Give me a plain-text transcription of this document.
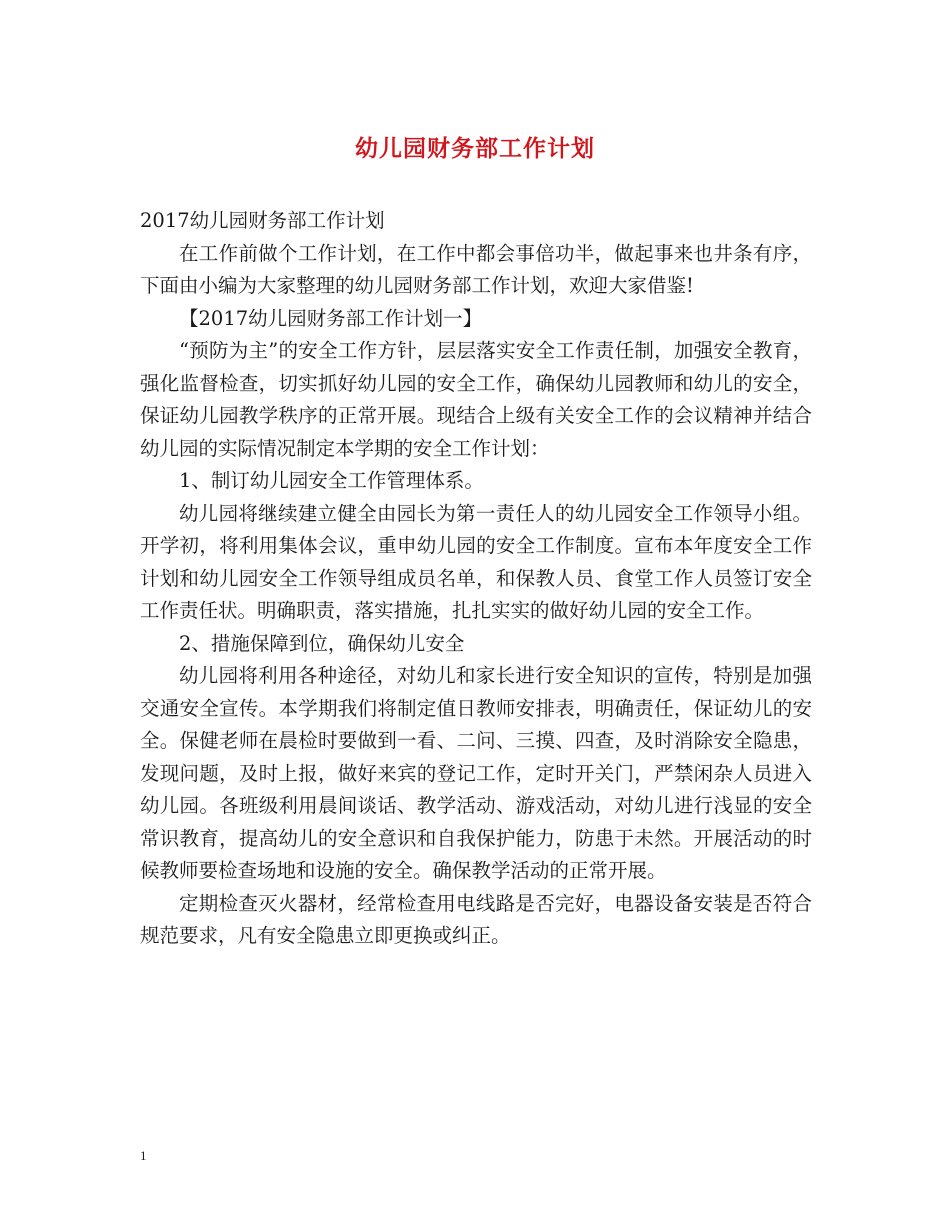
幼儿园财务部工作计划

2017幼儿园财务部工作计划

在工作前做个工作计划，在工作中都会事倍功半，做起事来也井条有序，下面由小编为大家整理的幼儿园财务部工作计划，欢迎大家借鉴!

【2017幼儿园财务部工作计划一】

“预防为主”的安全工作方针，层层落实安全工作责任制，加强安全教育，强化监督检查，切实抓好幼儿园的安全工作，确保幼儿园教师和幼儿的安全，保证幼儿园教学秩序的正常开展。现结合上级有关安全工作的会议精神并结合幼儿园的实际情况制定本学期的安全工作计划：

1、制订幼儿园安全工作管理体系。

幼儿园将继续建立健全由园长为第一责任人的幼儿园安全工作领导小组。开学初，将利用集体会议，重申幼儿园的安全工作制度。宣布本年度安全工作计划和幼儿园安全工作领导组成员名单，和保教人员、食堂工作人员签订安全工作责任状。明确职责，落实措施，扎扎实实的做好幼儿园的安全工作。

2、措施保障到位，确保幼儿安全

幼儿园将利用各种途径，对幼儿和家长进行安全知识的宣传，特别是加强交通安全宣传。本学期我们将制定值日教师安排表，明确责任，保证幼儿的安全。保健老师在晨检时要做到一看、二问、三摸、四查，及时消除安全隐患，发现问题，及时上报，做好来宾的登记工作，定时开关门，严禁闲杂人员进入幼儿园。各班级利用晨间谈话、教学活动、游戏活动，对幼儿进行浅显的安全常识教育，提高幼儿的安全意识和自我保护能力，防患于未然。开展活动的时候教师要检查场地和设施的安全。确保教学活动的正常开展。

定期检查灭火器材，经常检查用电线路是否完好，电器设备安装是否符合规范要求，凡有安全隐患立即更换或纠正。

1
